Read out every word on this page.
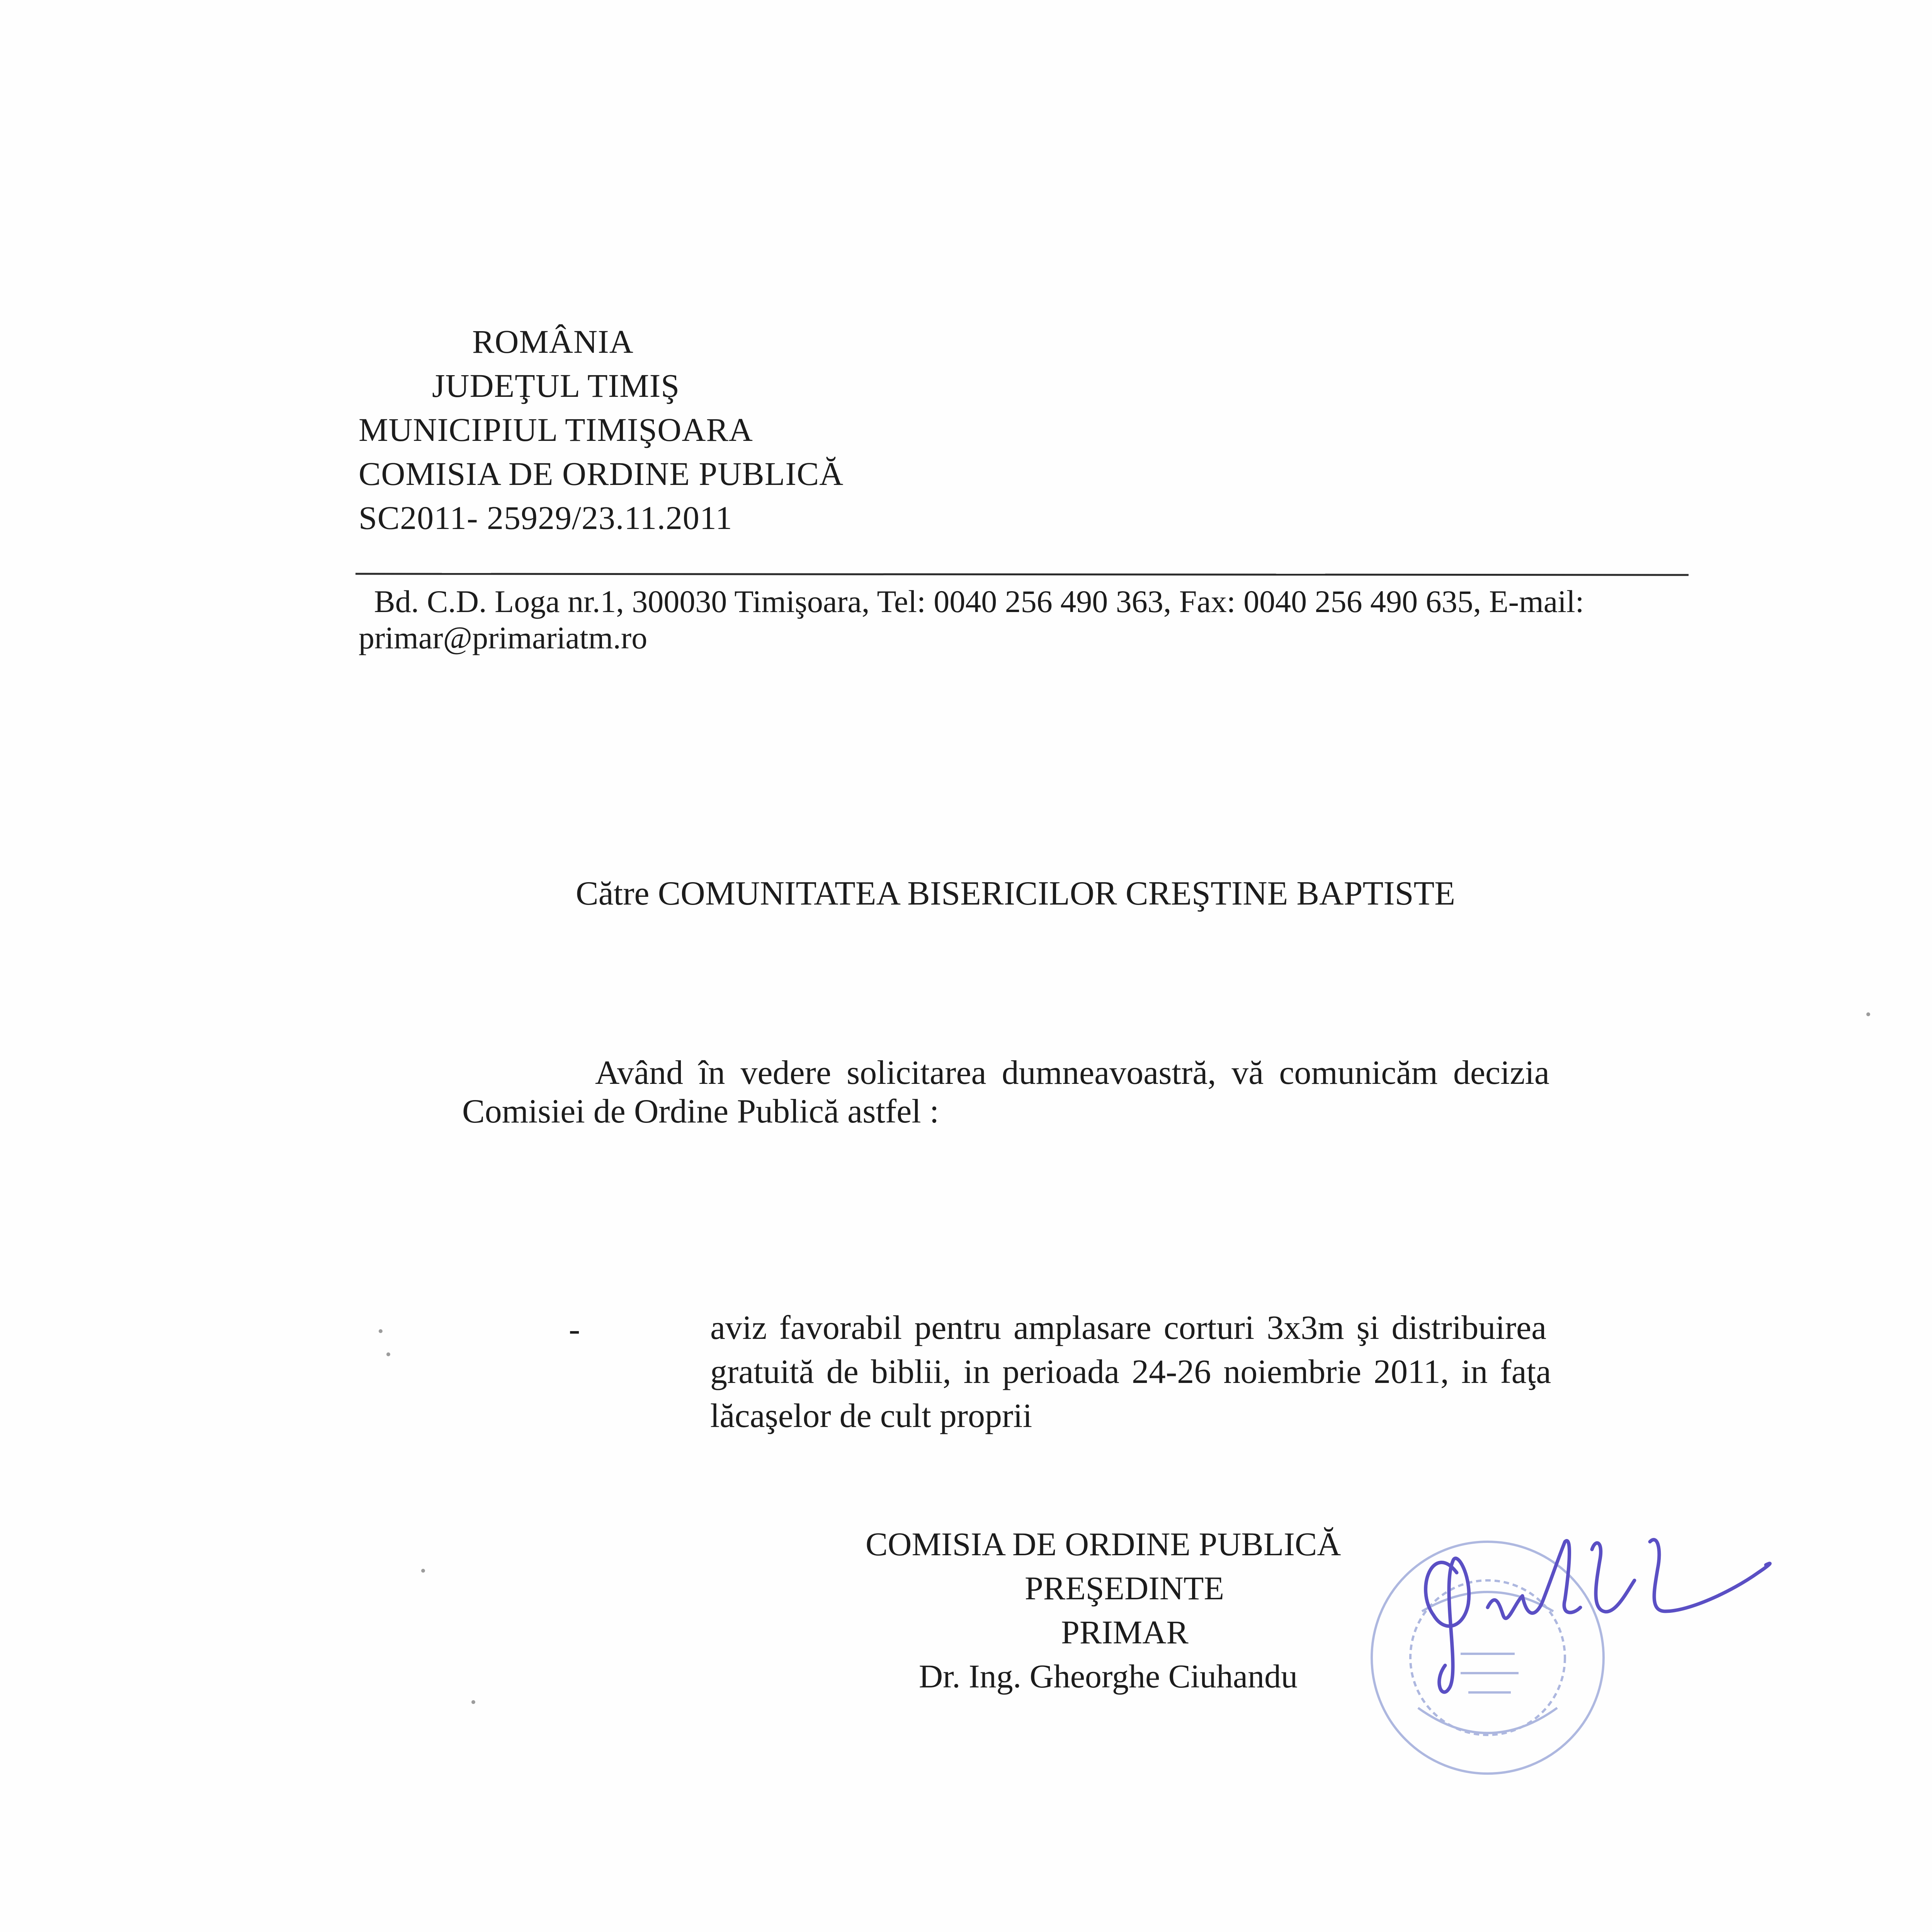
ROMÂNIA
JUDEŢUL TIMIŞ
MUNICIPIUL TIMIŞOARA
COMISIA DE ORDINE PUBLICĂ
SC2011- 25929/23.11.2011
Bd. C.D. Loga nr.1, 300030 Timişoara, Tel: 0040 256 490 363, Fax: 0040 256 490 635, E-mail:
primar@primariatm.ro
Către COMUNITATEA BISERICILOR CREŞTINE BAPTISTE
Având în vedere solicitarea dumneavoastră, vă comunicăm decizia
Comisiei de Ordine Publică astfel :
-	aviz favorabil pentru amplasare corturi 3x3m şi distribuirea
gratuită de biblii, in perioada 24-26 noiembrie 2011, in faţa
lăcaşelor de cult proprii
COMISIA DE ORDINE PUBLICĂ
PREŞEDINTE
PRIMAR
Dr. Ing. Gheorghe Ciuhandu
